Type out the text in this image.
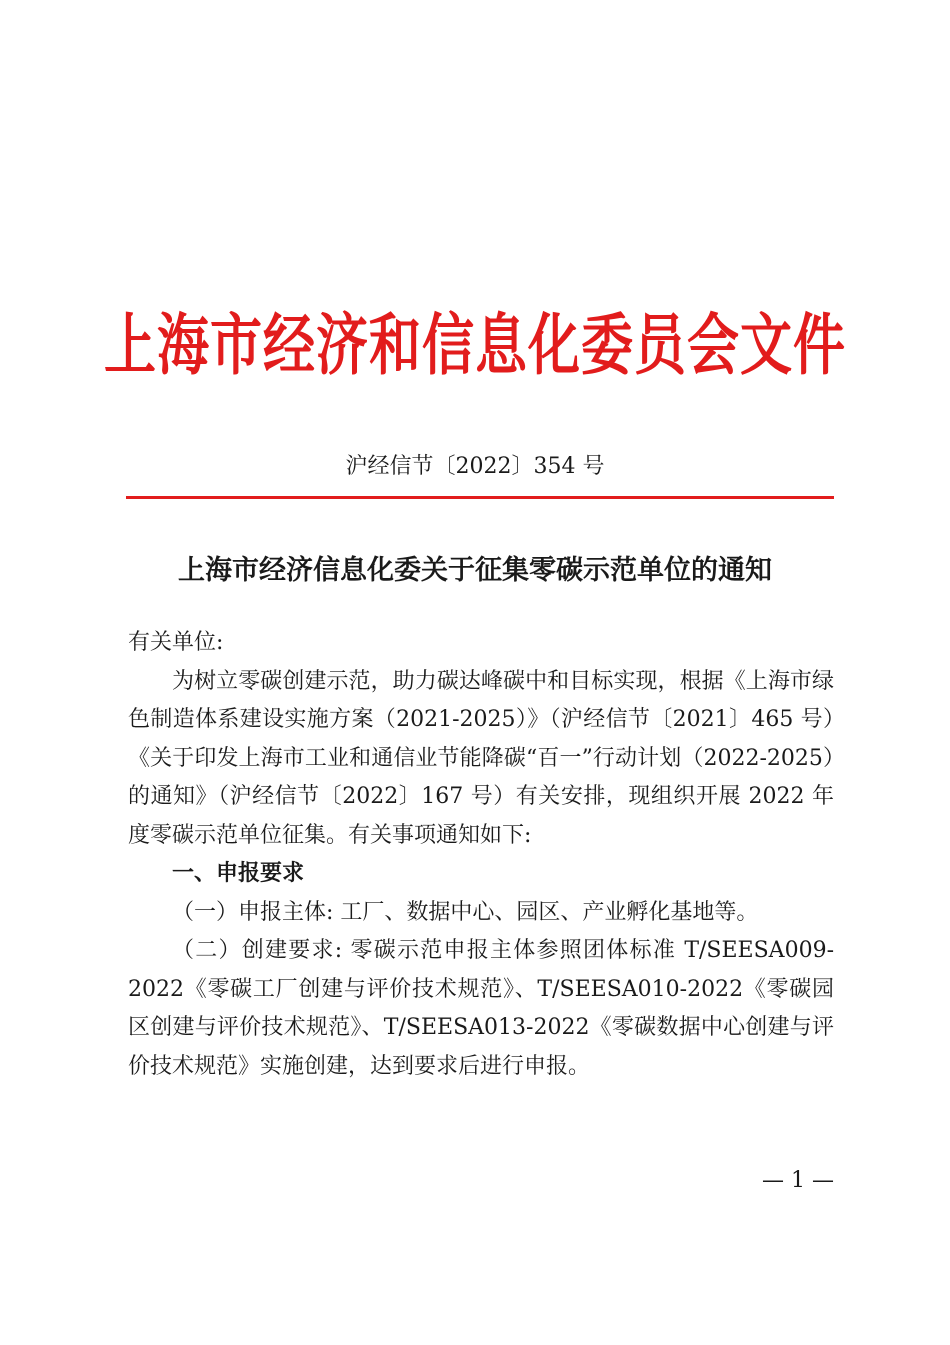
上海市经济和信息化委员会文件
沪经信节〔2022〕354 号
上海市经济信息化委关于征集零碳示范单位的通知

有关单位:

为树立零碳创建示范，助力碳达峰碳中和目标实现，根据《上海市绿色制造体系建设实施方案（2021-2025）》（沪经信节〔2021〕465 号）《关于印发上海市工业和通信业节能降碳“百一”行动计划（2022-2025）的通知》（沪经信节〔2022〕167 号）有关安排，现组织开展 2022 年度零碳示范单位征集。有关事项通知如下:

一、申报要求

（一）申报主体: 工厂、数据中心、园区、产业孵化基地等。

（二）创建要求: 零碳示范申报主体参照团体标准 T/SEESA009-2022《零碳工厂创建与评价技术规范》、T/SEESA010-2022《零碳园区创建与评价技术规范》、T/SEESA013-2022《零碳数据中心创建与评价技术规范》实施创建，达到要求后进行申报。

— 1 —
